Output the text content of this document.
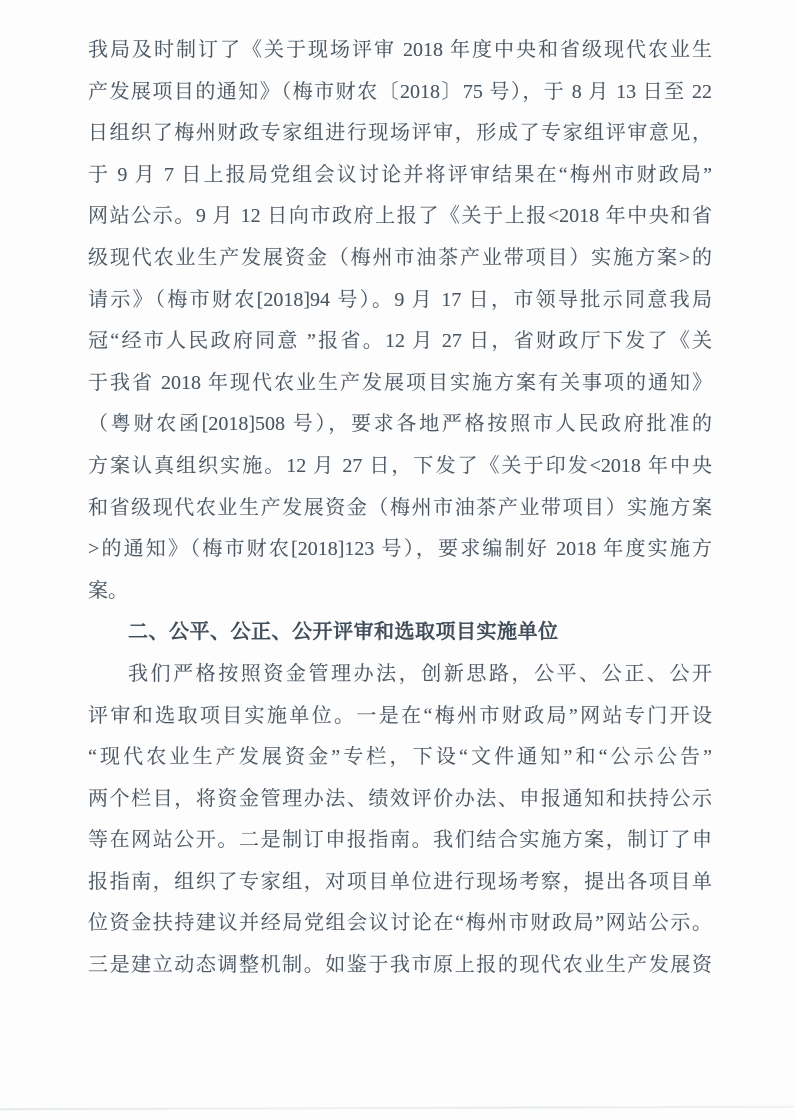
我局及时制订了《关于现场评审 2018 年度中央和省级现代农业生
产发展项目的通知》（梅市财农〔2018〕75 号），于 8 月 13 日至 22
日组织了梅州财政专家组进行现场评审，形成了专家组评审意见，
于 9 月 7 日上报局党组会议讨论并将评审结果在“梅州市财政局”
网站公示。9 月 12 日向市政府上报了《关于上报<2018 年中央和省
级现代农业生产发展资金（梅州市油茶产业带项目）实施方案>的
请示》（梅市财农[2018]94 号）。9 月 17 日，市领导批示同意我局
冠“经市人民政府同意 ”报省。12 月 27 日，省财政厅下发了《关
于我省 2018 年现代农业生产发展项目实施方案有关事项的通知》
（粤财农函[2018]508 号），要求各地严格按照市人民政府批准的
方案认真组织实施。12 月 27 日，下发了《关于印发<2018 年中央
和省级现代农业生产发展资金（梅州市油茶产业带项目）实施方案
>的通知》（梅市财农[2018]123 号），要求编制好 2018 年度实施方
案。
二、公平、公正、公开评审和选取项目实施单位
我们严格按照资金管理办法，创新思路，公平、公正、公开
评审和选取项目实施单位。一是在“梅州市财政局”网站专门开设
“现代农业生产发展资金”专栏，下设“文件通知”和“公示公告”
两个栏目，将资金管理办法、绩效评价办法、申报通知和扶持公示
等在网站公开。二是制订申报指南。我们结合实施方案，制订了申
报指南，组织了专家组，对项目单位进行现场考察，提出各项目单
位资金扶持建议并经局党组会议讨论在“梅州市财政局”网站公示。
三是建立动态调整机制。如鉴于我市原上报的现代农业生产发展资
